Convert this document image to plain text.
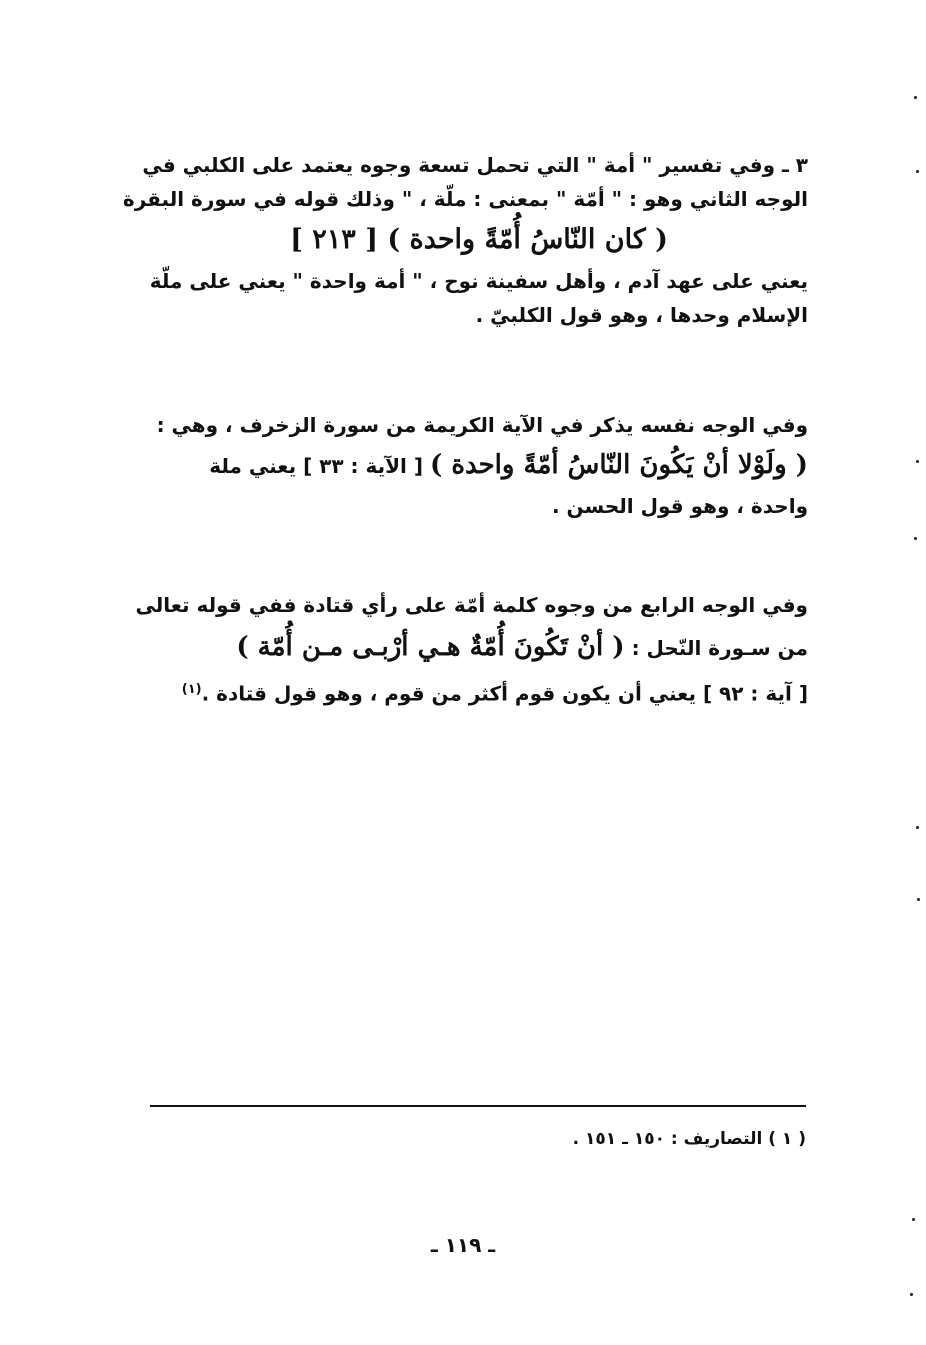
٣ ـ وفي تفسير " أمة " التي تحمل تسعة وجوه يعتمد على الكلبي في
الوجه الثاني وهو : " أمّة " بمعنى : ملّة ، " وذلك قوله في سورة البقرة
( كان النّاسُ أُمّةً واحدة ) [ ٢١٣ ]
يعني على عهد آدم ، وأهل سفينة نوح ، " أمة واحدة " يعني على ملّة
الإسلام وحدها ، وهو قول الكلبيّ .
وفي الوجه نفسه يذكر في الآية الكريمة من سورة الزخرف ، وهي :
( ولَوْلا أنْ يَكُونَ النّاسُ أمّةً واحدة ) [ الآية : ٣٣ ] يعني ملة
واحدة ، وهو قول الحسن .
وفي الوجه الرابع من وجوه كلمة أمّة على رأي قتادة ففي قوله تعالى
من سـورة النّحل : ( أنْ تَكُونَ أُمّةٌ هـي أرْبـى مـن أُمّة )
[ آية : ٩٢ ] يعني أن يكون قوم أكثر من قوم ، وهو قول قتادة .$^{(١)}$
( ١ ) التصاريف : ١٥٠ ـ ١٥١ .
ـ ١١٩ ـ
